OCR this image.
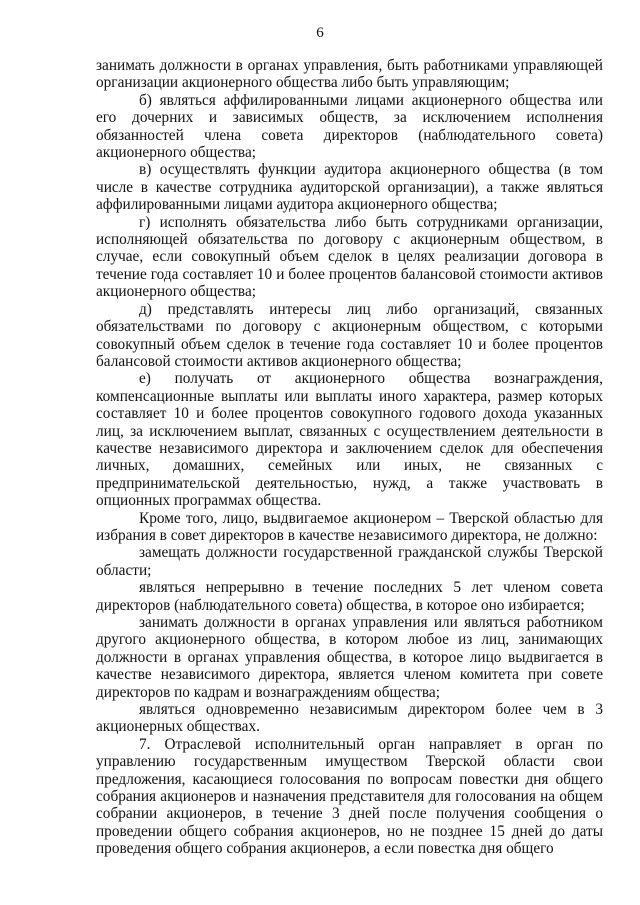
6

занимать должности в органах управления, быть работниками управляющей организации акционерного общества либо быть управляющим;

б) являться аффилированными лицами акционерного общества или его дочерних и зависимых обществ, за исключением исполнения обязанностей члена совета директоров (наблюдательного совета) акционерного общества;

в) осуществлять функции аудитора акционерного общества (в том числе в качестве сотрудника аудиторской организации), а также являться аффилированными лицами аудитора акционерного общества;

г) исполнять обязательства либо быть сотрудниками организации, исполняющей обязательства по договору с акционерным обществом, в случае, если совокупный объем сделок в целях реализации договора в течение года составляет 10 и более процентов балансовой стоимости активов акционерного общества;

д) представлять интересы лиц либо организаций, связанных обязательствами по договору с акционерным обществом, с которыми совокупный объем сделок в течение года составляет 10 и более процентов балансовой стоимости активов акционерного общества;

е) получать от акционерного общества вознаграждения, компенсационные выплаты или выплаты иного характера, размер которых составляет 10 и более процентов совокупного годового дохода указанных лиц, за исключением выплат, связанных с осуществлением деятельности в качестве независимого директора и заключением сделок для обеспечения личных, домашних, семейных или иных, не связанных с предпринимательской деятельностью, нужд, а также участвовать в опционных программах общества.

Кроме того, лицо, выдвигаемое акционером – Тверской областью для избрания в совет директоров в качестве независимого директора, не должно:

замещать должности государственной гражданской службы Тверской области;

являться непрерывно в течение последних 5 лет членом совета директоров (наблюдательного совета) общества, в которое оно избирается;

занимать должности в органах управления или являться работником другого акционерного общества, в котором любое из лиц, занимающих должности в органах управления общества, в которое лицо выдвигается в качестве независимого директора, является членом комитета при совете директоров по кадрам и вознаграждениям общества;

являться одновременно независимым директором более чем в 3 акционерных обществах.

7. Отраслевой исполнительный орган направляет в орган по управлению государственным имуществом Тверской области свои предложения, касающиеся голосования по вопросам повестки дня общего собрания акционеров и назначения представителя для голосования на общем собрании акционеров, в течение 3 дней после получения сообщения о проведении общего собрания акционеров, но не позднее 15 дней до даты проведения общего собрания акционеров, а если повестка дня общего
